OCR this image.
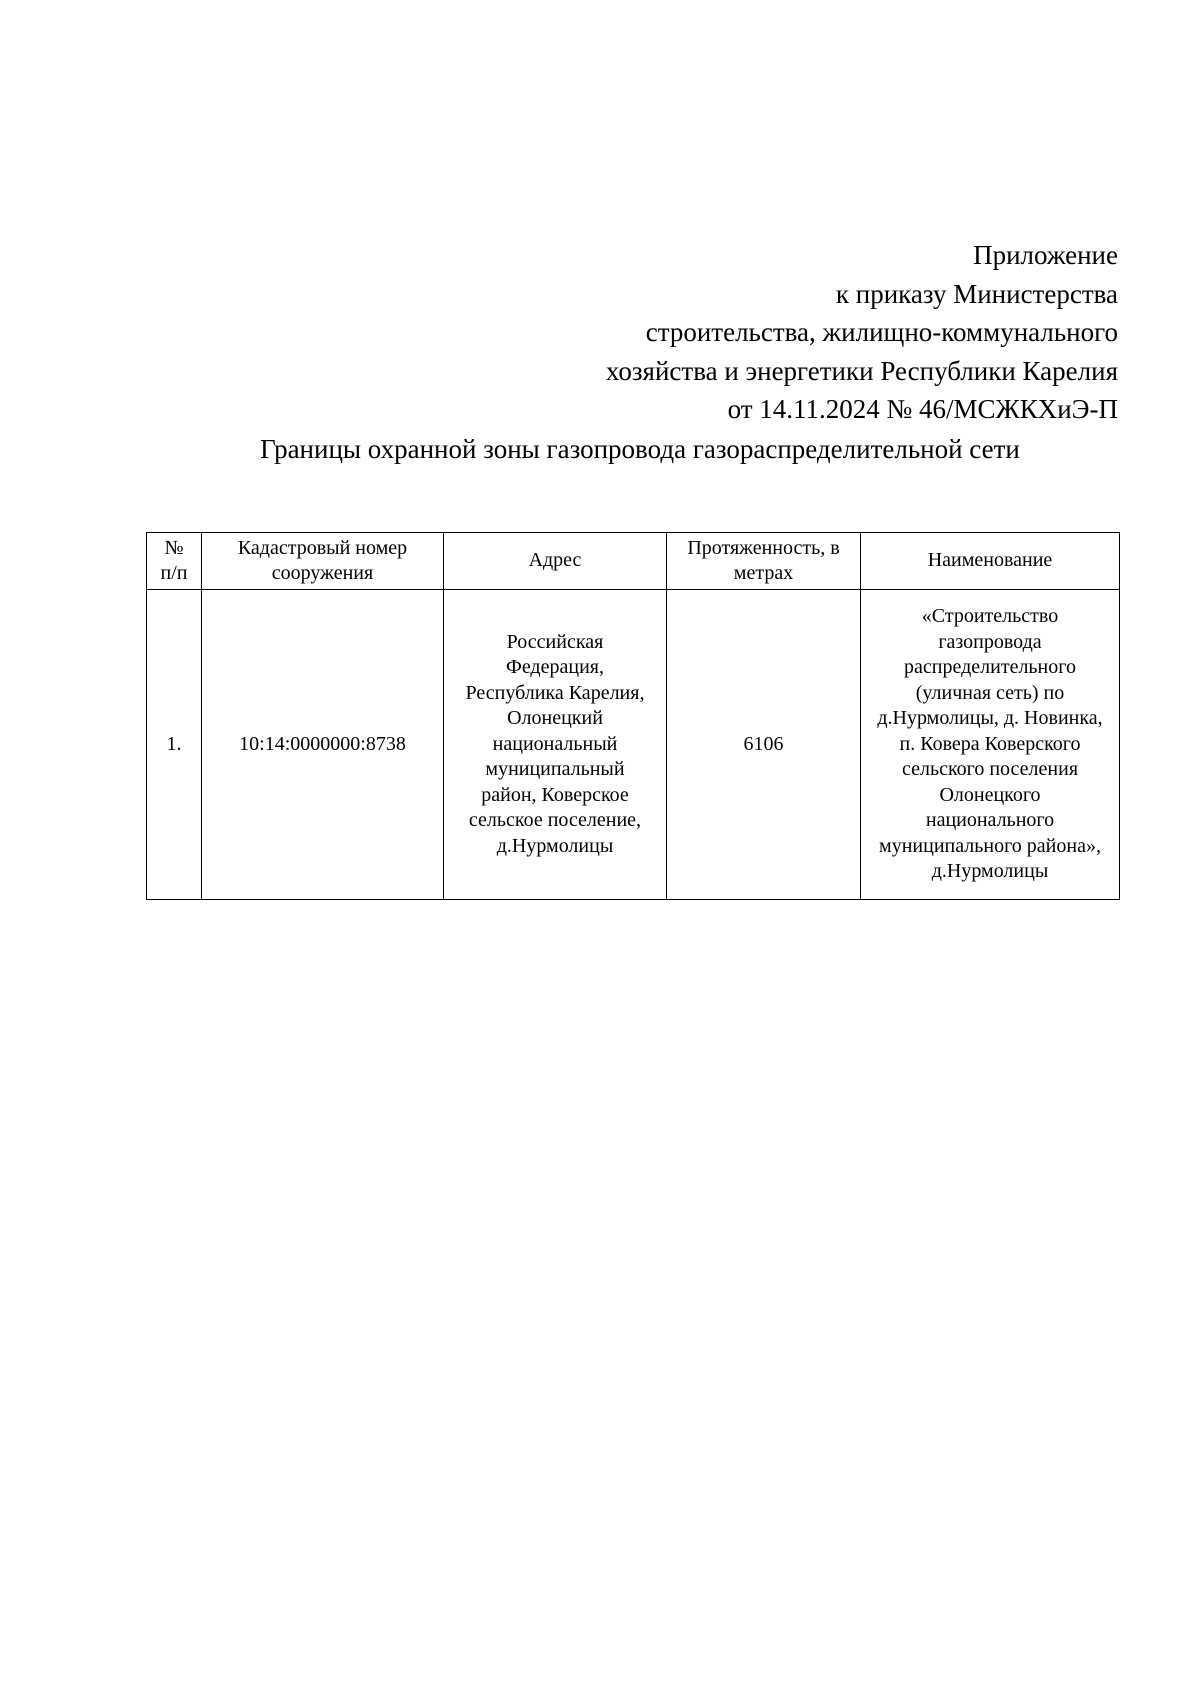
Приложение
к приказу Министерства
строительства, жилищно-коммунального
хозяйства и энергетики Республики Карелия
от 14.11.2024 № 46/МСЖКХиЭ-П
Границы охранной зоны газопровода газораспределительной сети
№ п/п	Кадастровый номер сооружения	Адрес	Протяженность, в метрах	Наименование
1.	10:14:0000000:8738	Российская Федерация, Республика Карелия, Олонецкий национальный муниципальный район, Коверское сельское поселение, д.Нурмолицы	6106	«Строительство газопровода распределительного (уличная сеть) по д.Нурмолицы, д. Новинка, п. Ковера Коверского сельского поселения Олонецкого национального муниципального района», д.Нурмолицы
